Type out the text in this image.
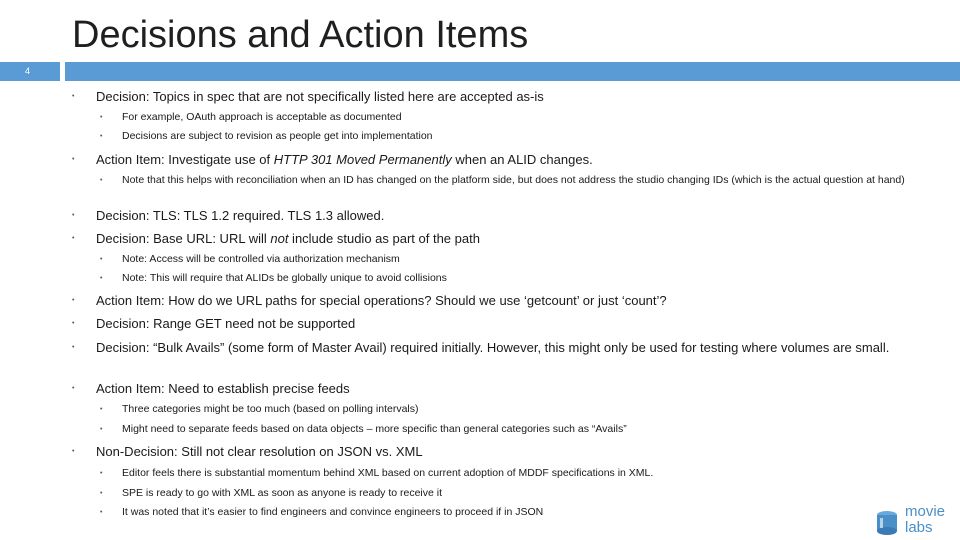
Decisions and Action Items
4
• Decision: Topics in spec that are not specifically listed here are accepted as-is
• For example, OAuth approach is acceptable as documented
• Decisions are subject to revision as people get into implementation
• Action Item: Investigate use of HTTP 301 Moved Permanently when an ALID changes.
• Note that this helps with reconciliation when an ID has changed on the platform side, but does not address the studio changing IDs (which is the actual question at hand)
• Decision: TLS: TLS 1.2 required. TLS 1.3 allowed.
• Decision: Base URL: URL will not include studio as part of the path
• Note: Access will be controlled via authorization mechanism
• Note: This will require that ALIDs be globally unique to avoid collisions
• Action Item: How do we URL paths for special operations? Should we use ‘getcount’ or just ‘count’?
• Decision: Range GET need not be supported
• Decision: “Bulk Avails” (some form of Master Avail) required initially. However, this might only be used for testing where volumes are small.
• Action Item: Need to establish precise feeds
• Three categories might be too much (based on polling intervals)
• Might need to separate feeds based on data objects – more specific than general categories such as “Avails”
• Non-Decision: Still not clear resolution on JSON vs. XML
• Editor feels there is substantial momentum behind XML based on current adoption of MDDF specifications in XML.
• SPE is ready to go with XML as soon as anyone is ready to receive it
• It was noted that it’s easier to find engineers and convince engineers to proceed if in JSON	movie
labs
